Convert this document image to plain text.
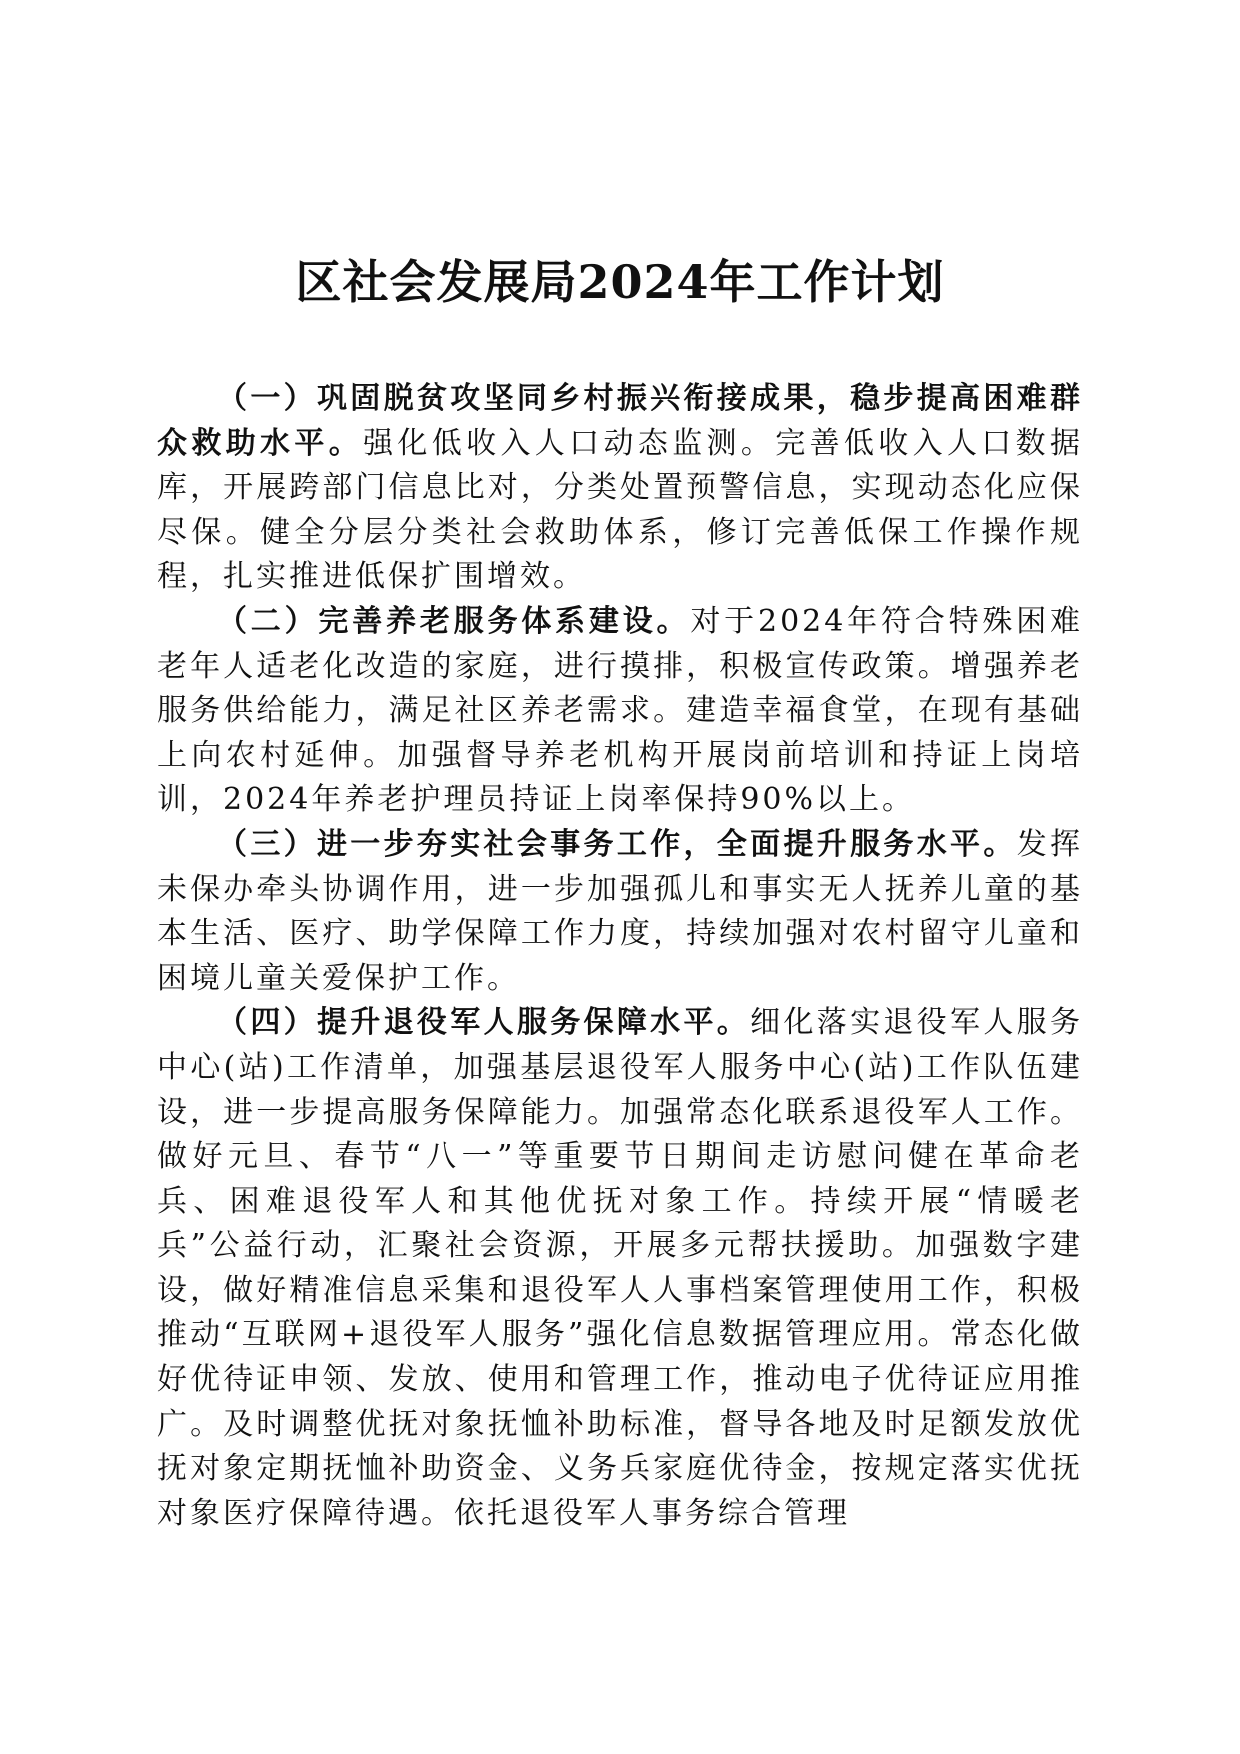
区社会发展局2024年工作计划

（一）巩固脱贫攻坚同乡村振兴衔接成果，稳步提高困难群众救助水平。强化低收入人口动态监测。完善低收入人口数据库，开展跨部门信息比对，分类处置预警信息，实现动态化应保尽保。健全分层分类社会救助体系，修订完善低保工作操作规程，扎实推进低保扩围增效。

（二）完善养老服务体系建设。对于2024年符合特殊困难老年人适老化改造的家庭，进行摸排，积极宣传政策。增强养老服务供给能力，满足社区养老需求。建造幸福食堂，在现有基础上向农村延伸。加强督导养老机构开展岗前培训和持证上岗培训，2024年养老护理员持证上岗率保持90%以上。

（三）进一步夯实社会事务工作，全面提升服务水平。发挥未保办牵头协调作用，进一步加强孤儿和事实无人抚养儿童的基本生活、医疗、助学保障工作力度，持续加强对农村留守儿童和困境儿童关爱保护工作。

（四）提升退役军人服务保障水平。细化落实退役军人服务中心(站)工作清单，加强基层退役军人服务中心(站)工作队伍建设，进一步提高服务保障能力。加强常态化联系退役军人工作。做好元旦、春节“八一”等重要节日期间走访慰问健在革命老兵、困难退役军人和其他优抚对象工作。持续开展“情暖老兵”公益行动，汇聚社会资源，开展多元帮扶援助。加强数字建设，做好精准信息采集和退役军人人事档案管理使用工作，积极推动“互联网+退役军人服务”强化信息数据管理应用。常态化做好优待证申领、发放、使用和管理工作，推动电子优待证应用推广。及时调整优抚对象抚恤补助标准，督导各地及时足额发放优抚对象定期抚恤补助资金、义务兵家庭优待金，按规定落实优抚对象医疗保障待遇。依托退役军人事务综合管理
